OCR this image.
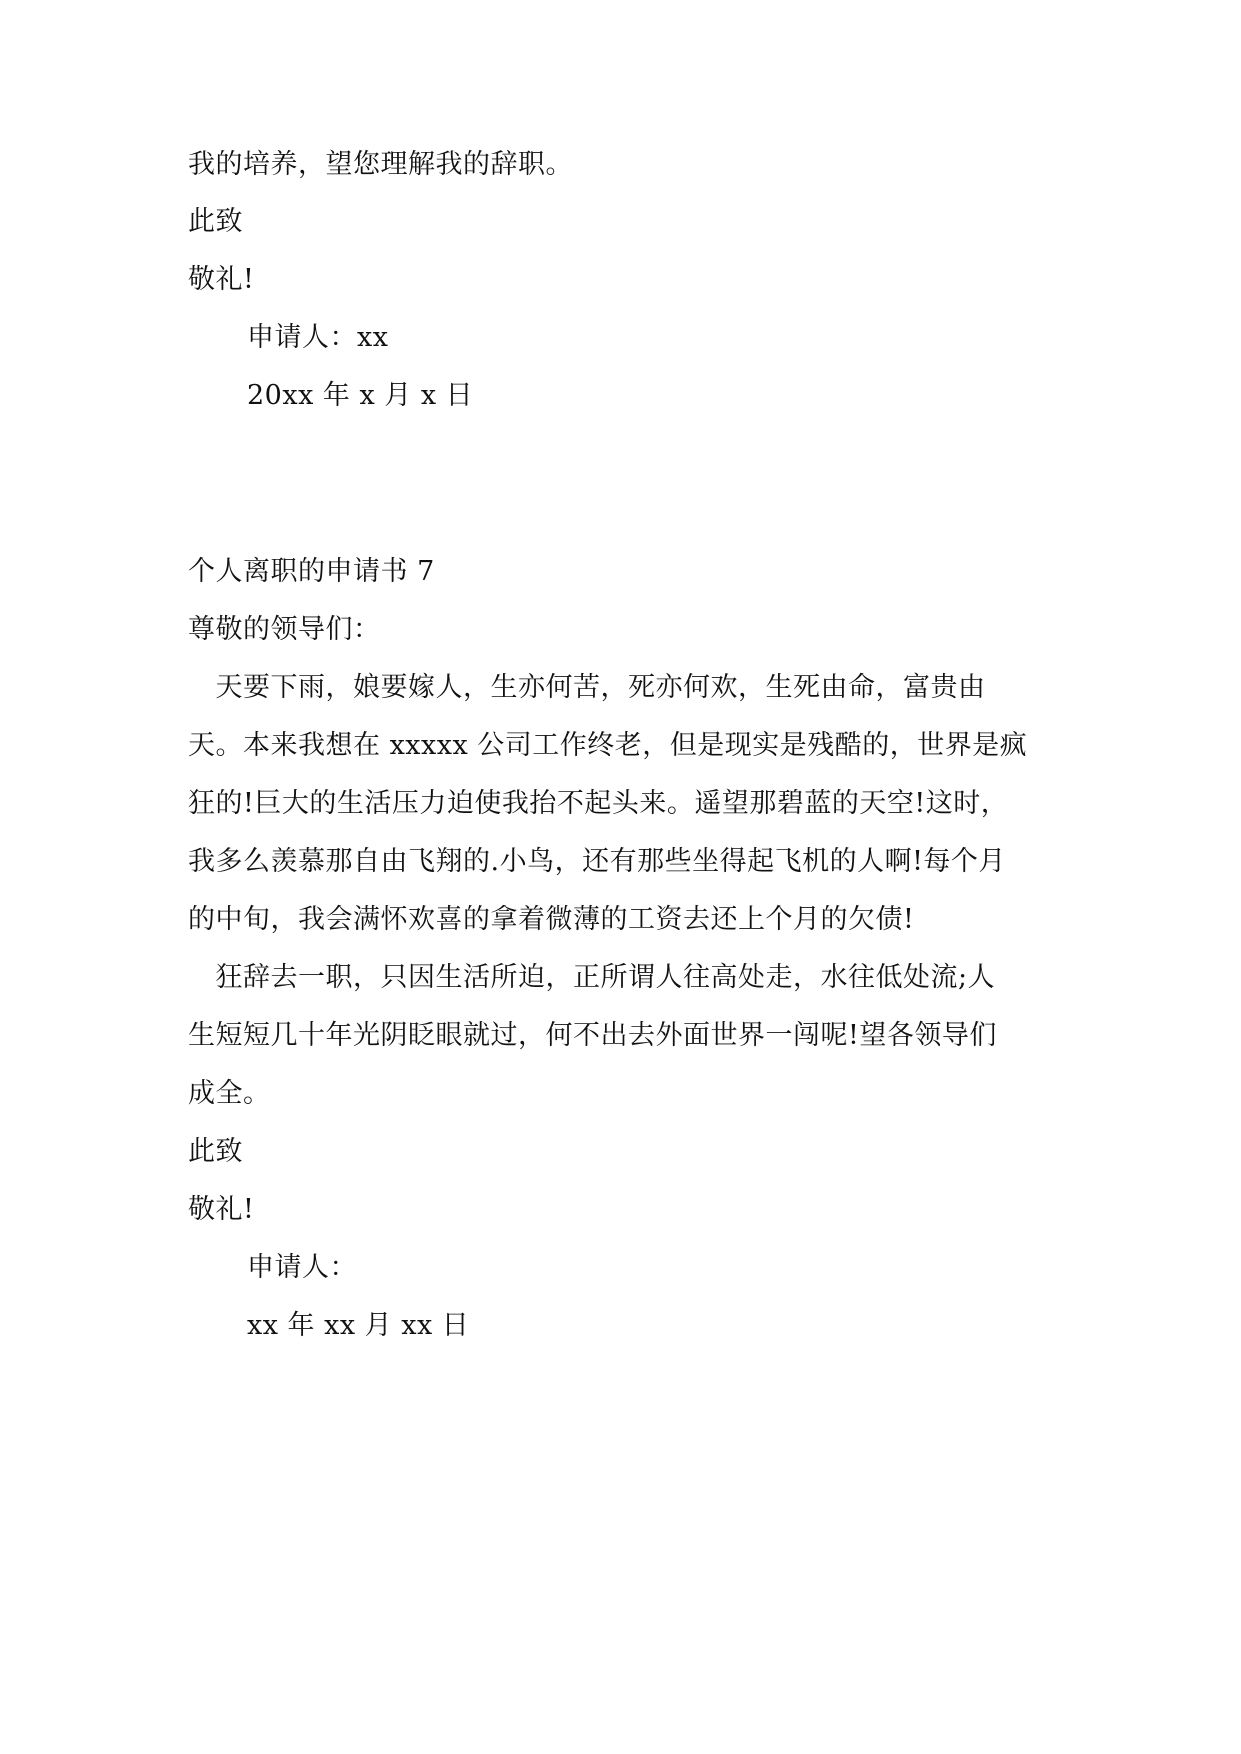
我的培养，望您理解我的辞职。
此致
敬礼!
申请人：xx
20xx 年 x 月 x 日
个人离职的申请书 7
尊敬的领导们：
　天要下雨，娘要嫁人，生亦何苦，死亦何欢，生死由命，富贵由
天。本来我想在 xxxxx 公司工作终老，但是现实是残酷的，世界是疯
狂的!巨大的生活压力迫使我抬不起头来。遥望那碧蓝的天空!这时，
我多么羡慕那自由飞翔的.小鸟，还有那些坐得起飞机的人啊!每个月
的中旬，我会满怀欢喜的拿着微薄的工资去还上个月的欠债!
　狂辞去一职，只因生活所迫，正所谓人往高处走，水往低处流;人
生短短几十年光阴眨眼就过，何不出去外面世界一闯呢!望各领导们
成全。
此致
敬礼!
申请人：
xx 年 xx 月 xx 日
